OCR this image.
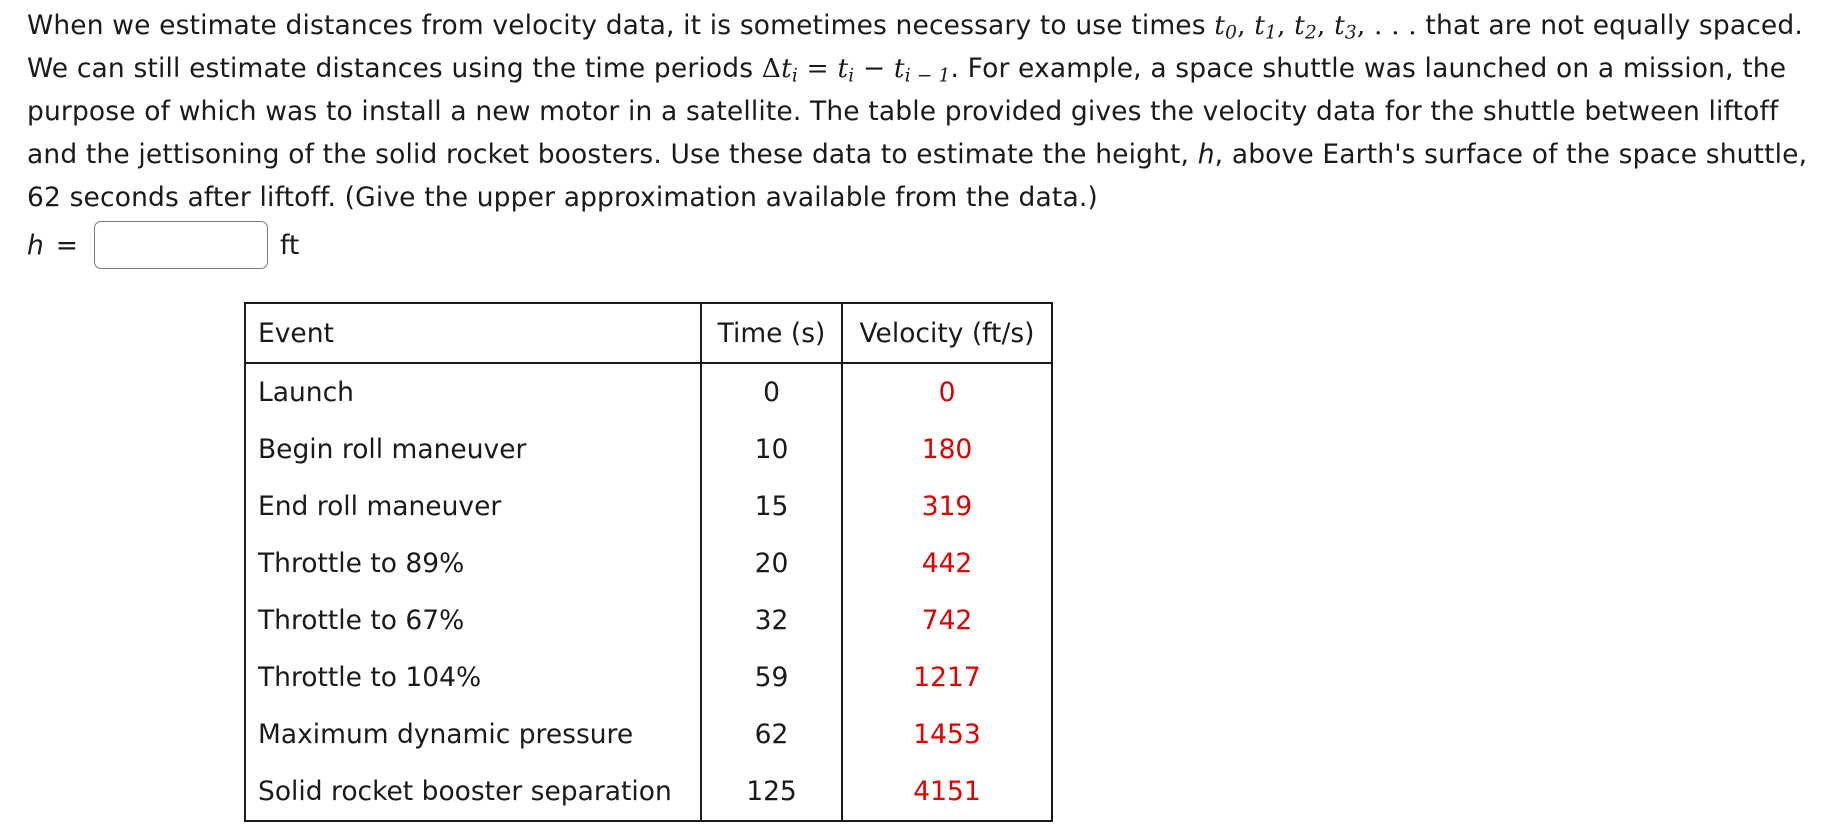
When we estimate distances from velocity data, it is sometimes necessary to use times $t_0$, $t_1$, $t_2$, $t_3$, . . . that are not equally spaced. We can still estimate distances using the time periods $\Delta t_i = t_i - t_{i - 1}$. For example, a space shuttle was launched on a mission, the purpose of which was to install a new motor in a satellite. The table provided gives the velocity data for the shuttle between liftoff and the jettisoning of the solid rocket boosters. Use these data to estimate the height, h, above Earth's surface of the space shuttle, 62 seconds after liftoff. (Give the upper approximation available from the data.)

h =	ft
Event	Time (s)	Velocity (ft/s)
Launch	0	0
Begin roll maneuver	10	180
End roll maneuver	15	319
Throttle to 89%	20	442
Throttle to 67%	32	742
Throttle to 104%	59	1217
Maximum dynamic pressure	62	1453
Solid rocket booster separation	125	4151
